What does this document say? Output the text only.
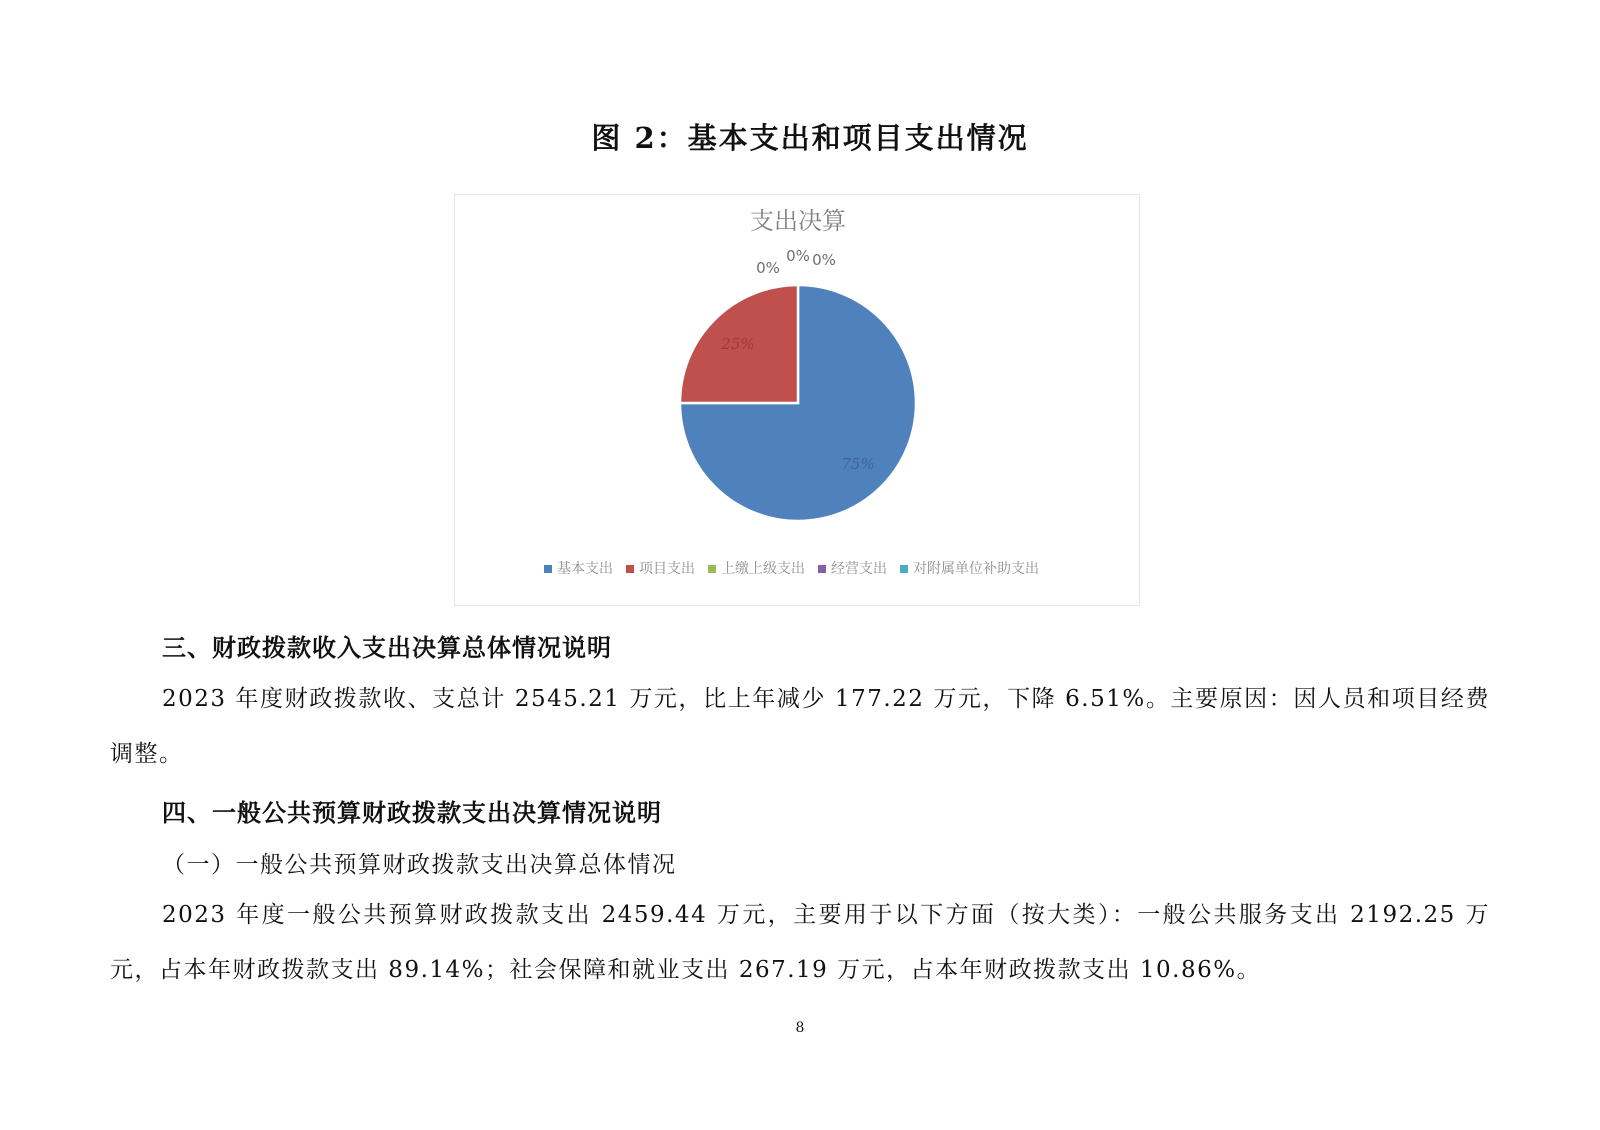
图 2：基本支出和项目支出情况
支出决算
75%
25%
0%
0% 0%
基本支出 项目支出 上缴上级支出 经营支出 对附属单位补助支出
三、财政拨款收入支出决算总体情况说明
2023 年度财政拨款收、支总计 2545.21 万元，比上年减少 177.22 万元，下降 6.51%。主要原因：因人员和项目经费调整。
四、一般公共预算财政拨款支出决算情况说明
（一）一般公共预算财政拨款支出决算总体情况
2023 年度一般公共预算财政拨款支出 2459.44 万元，主要用于以下方面（按大类）：一般公共服务支出 2192.25 万元，占本年财政拨款支出 89.14%；社会保障和就业支出 267.19 万元，占本年财政拨款支出 10.86%。
8
